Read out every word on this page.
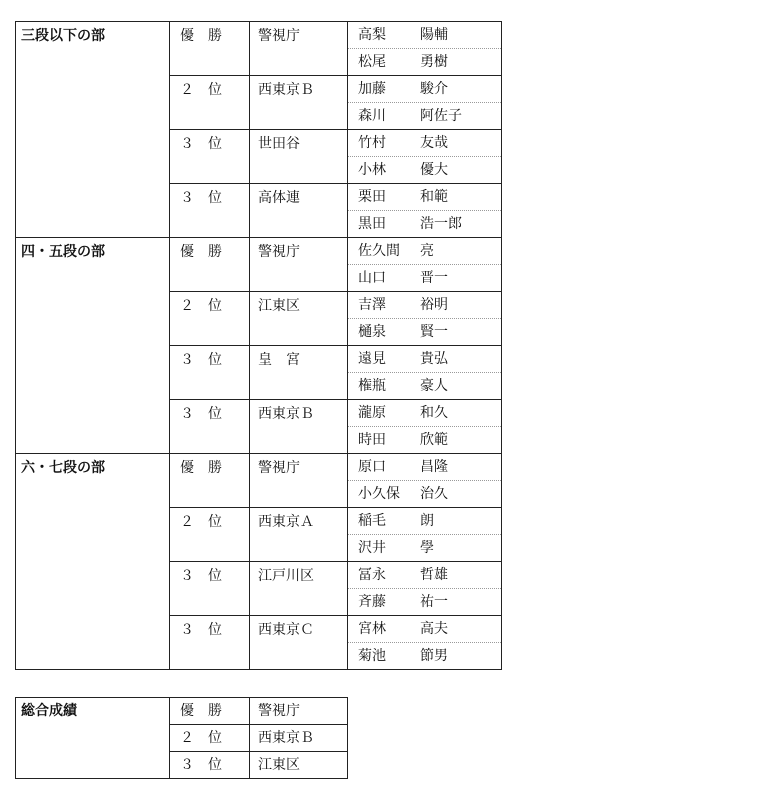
三段以下の部	優　勝	警視庁	高梨 陽輔
			松尾 勇樹
	２　位	西東京Ｂ	加藤 駿介
			森川 阿佐子
	３　位	世田谷	竹村 友哉
			小林 優大
	３　位	高体連	栗田 和範
			黒田 浩一郎
四・五段の部	優　勝	警視庁	佐久間 亮
			山口 晋一
	２　位	江東区	吉澤 裕明
			樋泉 賢一
	３　位	皇　宮	遠見 貴弘
			権瓶 豪人
	３　位	西東京Ｂ	瀧原 和久
			時田 欣範
六・七段の部	優　勝	警視庁	原口 昌隆
			小久保 治久
	２　位	西東京Ａ	稲毛 朗
			沢井 學
	３　位	江戸川区	冨永 哲雄
			斉藤 祐一
	３　位	西東京Ｃ	宮林 高夫
			菊池 節男
総合成績	優　勝	警視庁
	２　位	西東京Ｂ
	３　位	江東区
